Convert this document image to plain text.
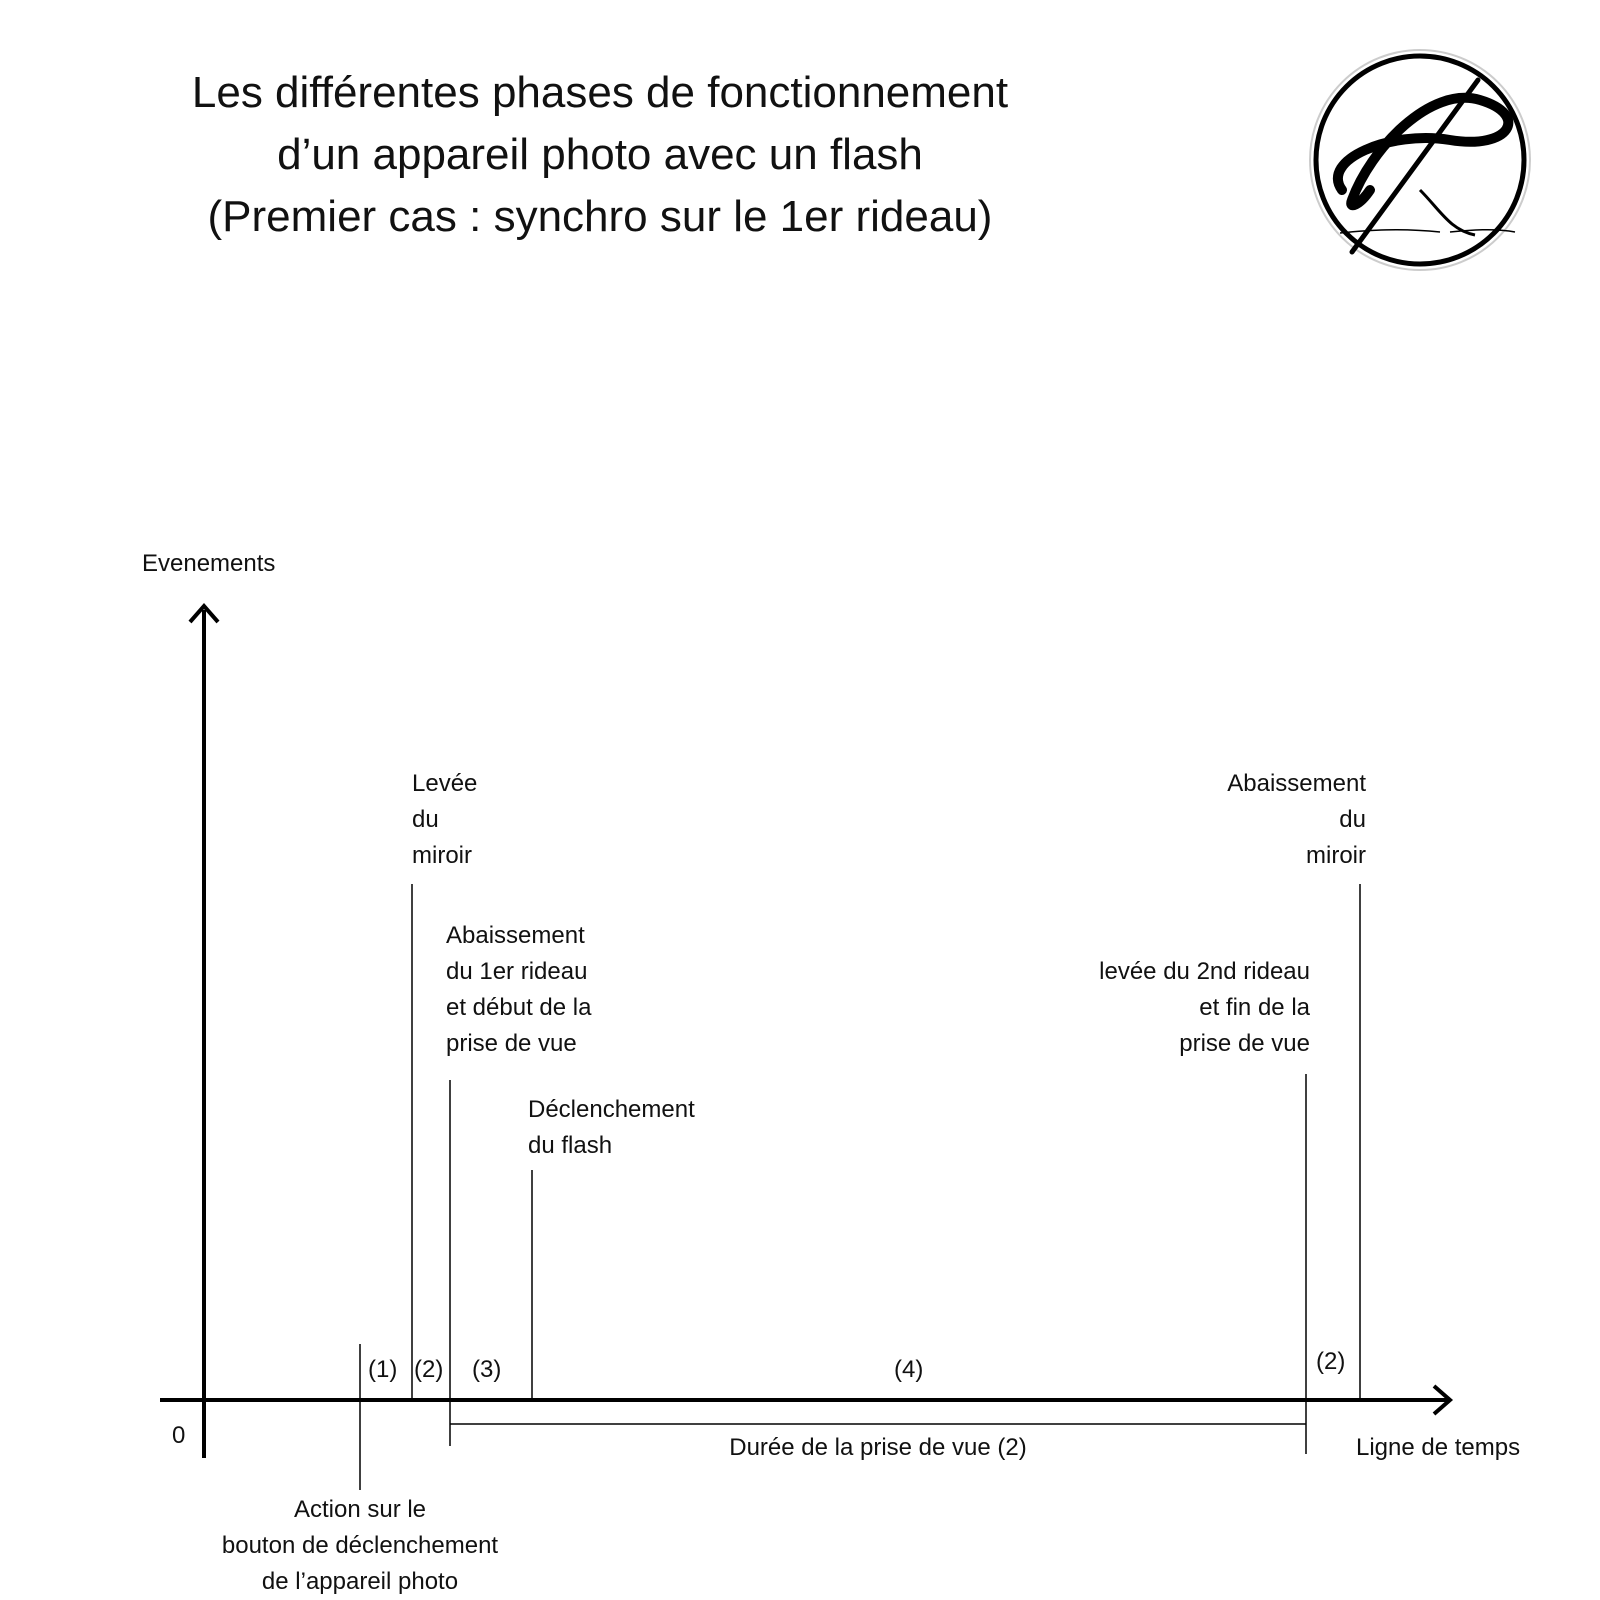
Les différentes phases de fonctionnement
d’un appareil photo avec un flash
(Premier cas : synchro sur le 1er rideau)
Evenements
Ligne de temps
0
Levée
du
miroir
Abaissement
du 1er rideau
et début de la
prise de vue
Déclenchement
du flash
levée du 2nd rideau
et fin de la
prise de vue
Abaissement
du
miroir
Action sur le
bouton de déclenchement
de l’appareil photo
(1) (2) (3)	(4)	(2)
Durée de la prise de vue (2)
